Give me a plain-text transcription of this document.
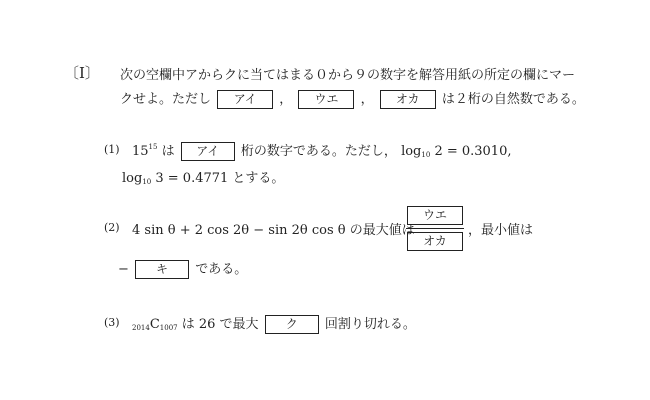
〔Ⅰ〕 次の空欄中アからクに当てはまる０から９の数字を解答用紙の所定の欄にマー
クせよ。ただし アイ ， ウエ ， オカ は２桁の自然数である。
(1) $15^{15}$ は アイ 桁の数字である。ただし， $\log_{10} 2 = 0.3010$,
$\log_{10} 3 = 0.4771$ とする。
(2) 4 sin θ + 2 cos 2θ − sin 2θ cos θ の最大値は
ウエ
オカ
，最小値は
− キ である。
(3) $_{2014}C_{1007}$ は 26 で最大 ク 回割り切れる。
